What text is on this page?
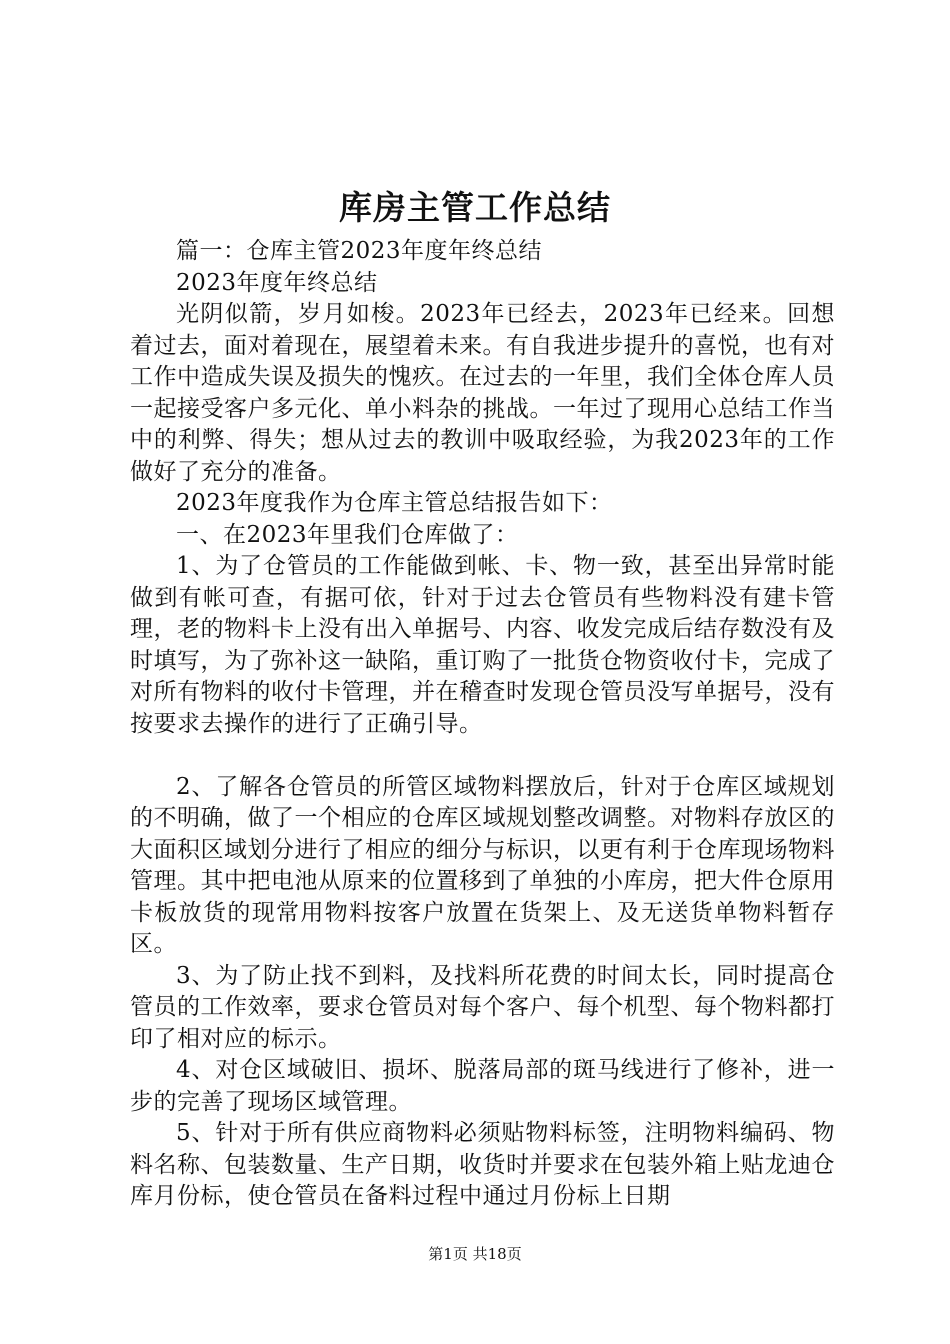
库房主管工作总结

篇一：仓库主管2023年度年终总结

2023年度年终总结

光阴似箭，岁月如梭。2023年已经去，2023年已经来。回想着过去，面对着现在，展望着未来。有自我进步提升的喜悦，也有对工作中造成失误及损失的愧疚。在过去的一年里，我们全体仓库人员一起接受客户多元化、单小料杂的挑战。一年过了现用心总结工作当中的利弊、得失；想从过去的教训中吸取经验，为我2023年的工作做好了充分的准备。

2023年度我作为仓库主管总结报告如下：

一、在2023年里我们仓库做了：

1、为了仓管员的工作能做到帐、卡、物一致，甚至出异常时能做到有帐可查，有据可依，针对于过去仓管员有些物料没有建卡管理，老的物料卡上没有出入单据号、内容、收发完成后结存数没有及时填写，为了弥补这一缺陷，重订购了一批货仓物资收付卡，完成了对所有物料的收付卡管理，并在稽查时发现仓管员没写单据号，没有按要求去操作的进行了正确引导。

2、了解各仓管员的所管区域物料摆放后，针对于仓库区域规划的不明确，做了一个相应的仓库区域规划整改调整。对物料存放区的大面积区域划分进行了相应的细分与标识，以更有利于仓库现场物料管理。其中把电池从原来的位置移到了单独的小库房，把大件仓原用卡板放货的现常用物料按客户放置在货架上、及无送货单物料暂存区。

3、为了防止找不到料，及找料所花费的时间太长，同时提高仓管员的工作效率，要求仓管员对每个客户、每个机型、每个物料都打印了相对应的标示。

4、对仓区域破旧、损坏、脱落局部的斑马线进行了修补，进一步的完善了现场区域管理。

5、针对于所有供应商物料必须贴物料标签，注明物料编码、物料名称、包装数量、生产日期，收货时并要求在包装外箱上贴龙迪仓库月份标，使仓管员在备料过程中通过月份标上日期

第1页 共18页
